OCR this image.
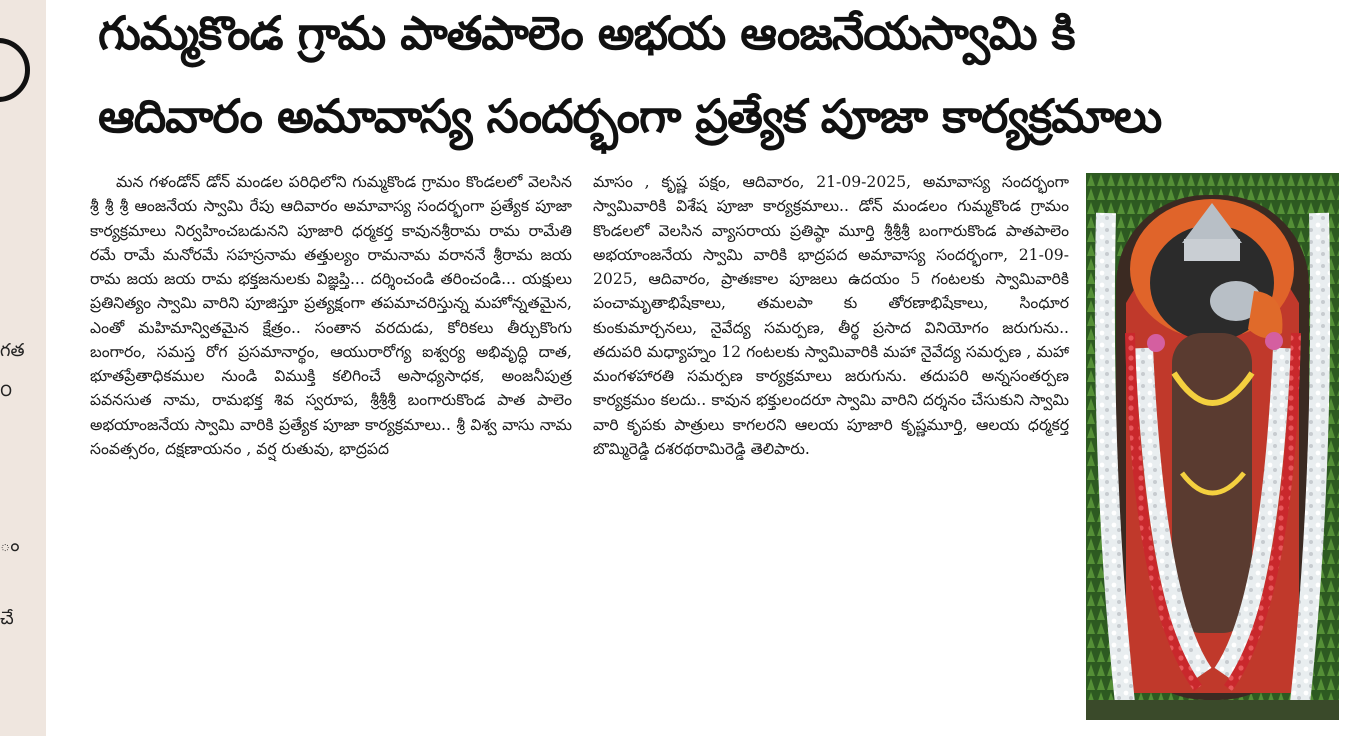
గత
౦
ం
చే
గుమ్మకొండ గ్రామ పాతపాలెం అభయ ఆంజనేయస్వామి కి
ఆదివారం అమావాస్య సందర్భంగా ప్రత్యేక పూజా కార్యక్రమాలు

మన గళండోన్ డోన్ మండల పరిధిలోని గుమ్మకొండ గ్రామం కొండలలో వెలసిన శ్రీ శ్రీ శ్రీ ఆంజనేయ స్వామి రేపు ఆదివారం అమావాస్య సందర్భంగా ప్రత్యేక పూజా కార్యక్రమాలు నిర్వహించబడునని పూజారి ధర్మకర్త కావునశ్రీరామ రామ రామేతి రమే రామే మనోరమే సహస్రనామ తత్తుల్యం రామనామ వరాననే శ్రీరామ జయ రామ జయ జయ రామ భక్తజనులకు విజ్ఞప్తి... దర్శించండి తరించండి... యక్షులు ప్రతినిత్యం స్వామి వారిని పూజిస్తూ ప్రత్యక్షంగా తపమాచరిస్తున్న మహోన్నతమైన, ఎంతో మహిమాన్వితమైన క్షేత్రం.. సంతాన వరదుడు, కోరికలు తీర్చుకొంగు బంగారం, సమస్త రోగ ప్రసమానార్థం, ఆయురారోగ్య ఐశ్వర్య అభివృద్ధి దాత, భూతప్రేతాధికముల నుండి విముక్తి కలిగించే అసాధ్యసాధక, అంజనీపుత్ర పవనసుత నామ, రామభక్త శివ స్వరూప, శ్రీశ్రీశ్రీ బంగారుకొండ పాత పాలెం అభయాంజనేయ స్వామి వారికి ప్రత్యేక పూజా కార్యక్రమాలు.. శ్రీ విశ్వ వాసు నామ సంవత్సరం, దక్షణాయనం , వర్ష రుతువు, భాద్రపద

మాసం , కృష్ణ పక్షం, ఆదివారం, 21-09-2025, అమావాస్య సందర్భంగా స్వామివారికి విశేష పూజా కార్యక్రమాలు.. డోన్ మండలం గుమ్మకొండ గ్రామం కొండలలో వెలసిన వ్యాసరాయ ప్రతిష్ఠా మూర్తి శ్రీశ్రీశ్రీ బంగారుకొండ పాతపాలెం అభయాంజనేయ స్వామి వారికి భాద్రపద అమావాస్య సందర్భంగా, 21-09-2025, ఆదివారం, ప్రాతఃకాల పూజలు ఉదయం 5 గంటలకు స్వామివారికి పంచామృతాభిషేకాలు, తమలపా కు తోరణాభిషేకాలు, సింధూర కుంకుమార్చనలు, నైవేద్య సమర్పణ, తీర్థ ప్రసాద వినియోగం జరుగును.. తదుపరి మధ్యాహ్నం 12 గంటలకు స్వామివారికి మహా నైవేద్య సమర్పణ , మహా మంగళహారతి సమర్పణ కార్యక్రమాలు జరుగును. తదుపరి అన్నసంతర్పణ కార్యక్రమం కలదు.. కావున భక్తులందరూ స్వామి వారిని దర్శనం చేసుకుని స్వామి వారి కృపకు పాత్రులు కాగలరని ఆలయ పూజారి కృష్ణమూర్తి, ఆలయ ధర్మకర్త బొమ్మిరెడ్డి దశరథరామిరెడ్డి తెలిపారు.
